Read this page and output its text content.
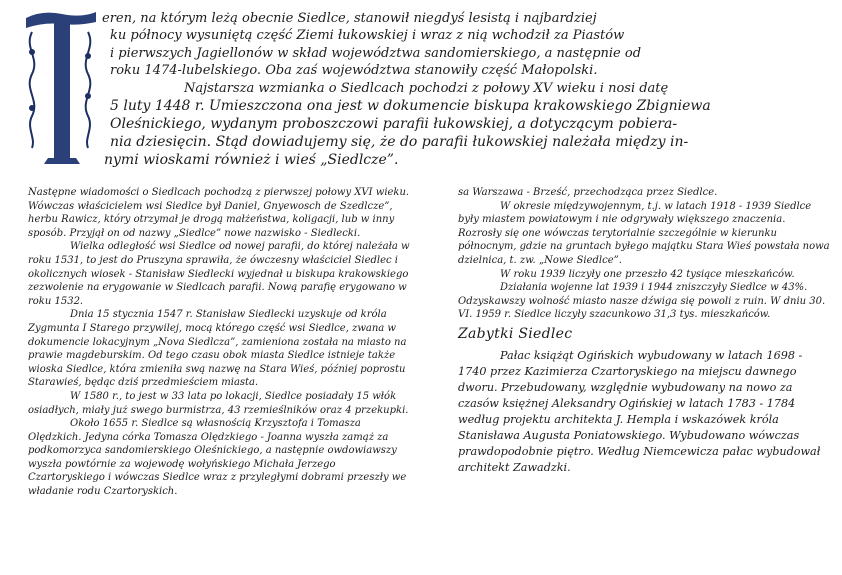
eren, na którym leżą obecnie Siedlce, stanowił niegdyś lesistą i najbardziej

ku północy wysuniętą część Ziemi łukowskiej i wraz z nią wchodził za Piastów

i pierwszych Jagiellonów w skład województwa sandomierskiego, a następnie od

roku 1474-lubelskiego. Oba zaś województwa stanowiły część Małopolski.

Najstarsza wzmianka o Siedlcach pochodzi z połowy XV wieku i nosi datę

5 luty 1448 r. Umieszczona ona jest w dokumencie biskupa krakowskiego Zbigniewa

Oleśnickiego, wydanym proboszczowi parafii łukowskiej, a dotyczącym pobiera-

nia dziesięcin. Stąd dowiadujemy się, że do parafii łukowskiej należała między in-

nymi wioskami również i wieś „Siedlcze”.

Następne wiadomości o Siedlcach pochodzą z pierwszej połowy XVI wieku. Wówczas właścicielem wsi Siedlce był Daniel, Gnyewosch de Szedlcze”, herbu Rawicz, który otrzymał je drogą małżeństwa, koligacji, lub w inny sposób. Przyjął on od nazwy „Siedlce” nowe nazwisko - Siedlecki.

Wielka odległość wsi Siedlce od nowej parafii, do której należała w roku 1531, to jest do Pruszyna sprawiła, że ówczesny właściciel Siedlec i okolicznych wiosek - Stanisław Siedlecki wyjednał u biskupa krakowskiego zezwolenie na erygowanie w Siedlcach parafii. Nową parafię erygowano w roku 1532.

Dnia 15 stycznia 1547 r. Stanisław Siedlecki uzyskuje od króla Zygmunta I Starego przywilej, mocą którego część wsi Siedlce, zwana w dokumencie lokacyjnym „Nova Siedlcza”, zamieniona została na miasto na prawie magdeburskim. Od tego czasu obok miasta Siedlce istnieje także wioska Siedlce, która zmieniła swą nazwę na Stara Wieś, później poprostu Starawieś, będąc dziś przedmieściem miasta.

W 1580 r., to jest w 33 lata po lokacji, Siedlce posiadały 15 włók osiadłych, miały już swego burmistrza, 43 rzemieślników oraz 4 przekupki.

Około 1655 r. Siedlce są własnością Krzysztofa i Tomasza Olędzkich. Jedyna córka Tomasza Olędzkiego - Joanna wyszła zamąż za podkomorzyca sandomierskiego Oleśnickiego, a następnie owdowiawszy wyszła powtórnie za wojewodę wołyńskiego Michała Jerzego Czartoryskiego i wówczas Siedlce wraz z przyległymi dobrami przeszły we władanie rodu Czartoryskich.

sa Warszawa - Brześć, przechodząca przez Siedlce.

W okresie międzywojennym, t.j. w latach 1918 - 1939 Siedlce były miastem powiatowym i nie odgrywały większego znaczenia. Rozrosły się one wówczas terytorialnie szczególnie w kierunku północnym, gdzie na gruntach byłego majątku Stara Wieś powstała nowa dzielnica, t. zw. „Nowe Siedlce”.

W roku 1939 liczyły one przeszło 42 tysiące mieszkańców.

Działania wojenne lat 1939 i 1944 zniszczyły Siedlce w 43%. Odzyskawszy wolność miasto nasze dźwiga się powoli z ruin. W dniu 30. VI. 1959 r. Siedlce liczyły szacunkowo 31,3 tys. mieszkańców.

Zabytki Siedlec

Pałac książąt Ogińskich wybudowany w latach 1698 - 1740 przez Kazimierza Czartoryskiego na miejscu dawnego dworu. Przebudowany, względnie wybudowany na nowo za czasów księżnej Aleksandry Ogińskiej w latach 1783 - 1784 według projektu architekta J. Hempla i wskazówek króla Stanisława Augusta Poniatowskiego. Wybudowano wówczas prawdopodobnie piętro. Według Niemcewicza pałac wybudował architekt Zawadzki.
